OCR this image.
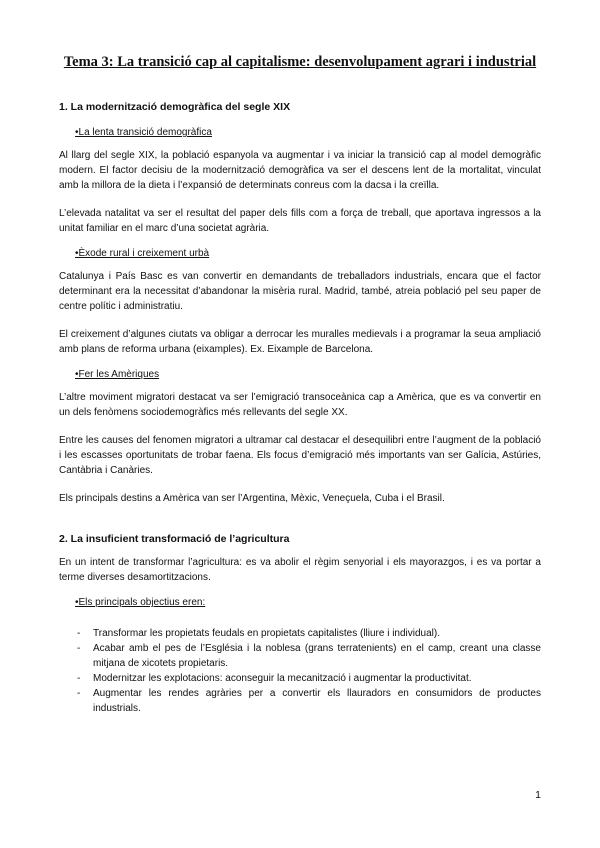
Tema 3: La transició cap al capitalisme: desenvolupament agrari i industrial
1. La modernització demogràfica del segle XIX
•La lenta transició demogràfica

Al llarg del segle XIX, la població espanyola va augmentar i va iniciar la transició cap al model demogràfic modern. El factor decisiu de la modernització demogràfica va ser el descens lent de la mortalitat, vinculat amb la millora de la dieta i l’expansió de determinats conreus com la dacsa i la creïlla.

L’elevada natalitat va ser el resultat del paper dels fills com a força de treball, que aportava ingressos a la unitat familiar en el marc d’una societat agrària.

•Èxode rural i creixement urbà

Catalunya i País Basc es van convertir en demandants de treballadors industrials, encara que el factor determinant era la necessitat d’abandonar la misèria rural. Madrid, també, atreia població pel seu paper de centre polític i administratiu.

El creixement d’algunes ciutats va obligar a derrocar les muralles medievals i a programar la seua ampliació amb plans de reforma urbana (eixamples). Ex. Eixample de Barcelona.

•Fer les Amèriques

L’altre moviment migratori destacat va ser l’emigració transoceànica cap a Amèrica, que es va convertir en un dels fenòmens sociodemogràfics més rellevants del segle XX.

Entre les causes del fenomen migratori a ultramar cal destacar el desequilibri entre l’augment de la població i les escasses oportunitats de trobar faena. Els focus d’emigració més importants van ser Galícia, Astúries, Cantàbria i Canàries.

Els principals destins a Amèrica van ser l’Argentina, Mèxic, Veneçuela, Cuba i el Brasil.

2. La insuficient transformació de l’agricultura

En un intent de transformar l’agricultura: es va abolir el règim senyorial i els mayorazgos, i es va portar a terme diverses desamortitzacions.

•Els principals objectius eren:
- Transformar les propietats feudals en propietats capitalistes (lliure i individual).
- Acabar amb el pes de l’Església i la noblesa (grans terratenients) en el camp, creant una classe mitjana de xicotets propietaris.
- Modernitzar les explotacions: aconseguir la mecanització i augmentar la productivitat.
- Augmentar les rendes agràries per a convertir els llauradors en consumidors de productes industrials.
1
